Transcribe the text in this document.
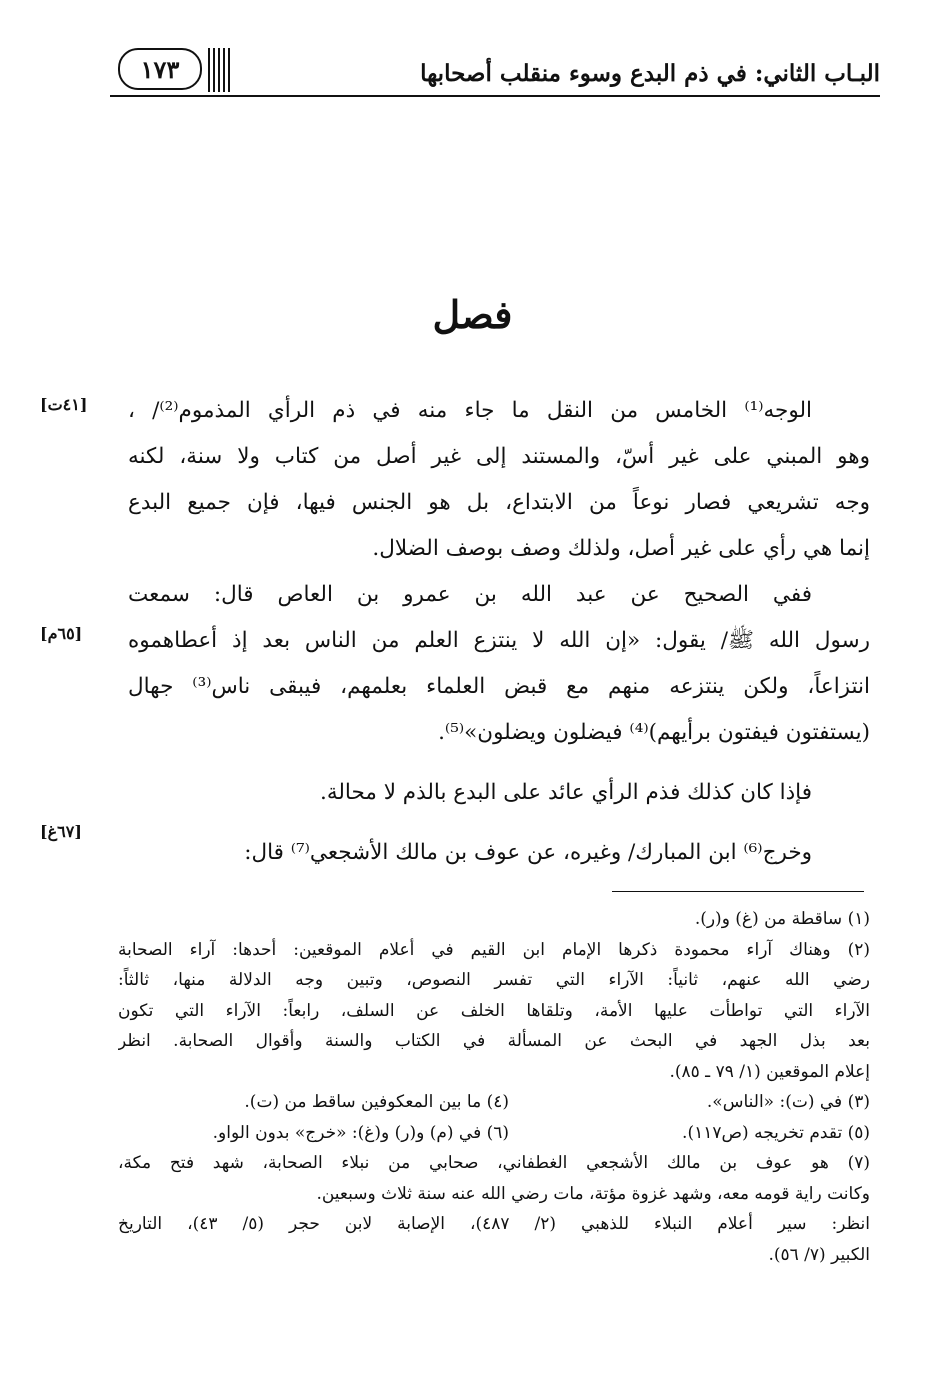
البـاب الثاني: في ذم البدع وسوء منقلب أصحابها
١٧٣
فصل
[٤١ت]
[٦٥م]
[٦٧غ]
الوجه⁽¹⁾ الخامس من النقل ما جاء منه في ذم الرأي المذموم⁽²⁾/ ،
وهو المبني على غير أسّ، والمستند إلى غير أصل من كتاب ولا سنة، لكنه
وجه تشريعي فصار نوعاً من الابتداع، بل هو الجنس فيها، فإن جميع البدع
إنما هي رأي على غير أصل، ولذلك وصف بوصف الضلال.
ففي الصحيح عن عبد الله بن عمرو بن العاص قال: سمعت
رسول الله ﷺ/ يقول: «إن الله لا ينتزع العلم من الناس بعد إذ أعطاهموه
انتزاعاً، ولكن ينتزعه منهم مع قبض العلماء بعلمهم، فيبقى ناس⁽³⁾ جهال
(يستفتون فيفتون برأيهم)⁽⁴⁾ فيضلون ويضلون»⁽⁵⁾.
فإذا كان كذلك فذم الرأي عائد على البدع بالذم لا محالة.
وخرج⁽⁶⁾ ابن المبارك/ وغيره، عن عوف بن مالك الأشجعي⁽⁷⁾ قال:
(١) ساقطة من (غ) و(ر).
(٢) وهناك آراء محمودة ذكرها الإمام ابن القيم في أعلام الموقعين: أحدها: آراء الصحابة
رضي الله عنهم، ثانياً: الآراء التي تفسر النصوص، وتبين وجه الدلالة منها، ثالثاً:
الآراء التي تواطأت عليها الأمة، وتلقاها الخلف عن السلف، رابعاً: الآراء التي تكون
بعد بذل الجهد في البحث عن المسألة في الكتاب والسنة وأقوال الصحابة. انظر
إعلام الموقعين (١/ ٧٩ ـ ٨٥).
(٣) في (ت): «الناس».
(٤) ما بين المعكوفين ساقط من (ت).
(٥) تقدم تخريجه (ص١١٧).
(٦) في (م) و(ر) و(غ): «خرج» بدون الواو.
(٧) هو عوف بن مالك الأشجعي الغطفاني، صحابي من نبلاء الصحابة، شهد فتح مكة،
وكانت راية قومه معه، وشهد غزوة مؤتة، مات رضي الله عنه سنة ثلاث وسبعين.
انظر: سير أعلام النبلاء للذهبي (٢/ ٤٨٧)، الإصابة لابن حجر (٥/ ٤٣)، التاريخ
الكبير (٧/ ٥٦).
